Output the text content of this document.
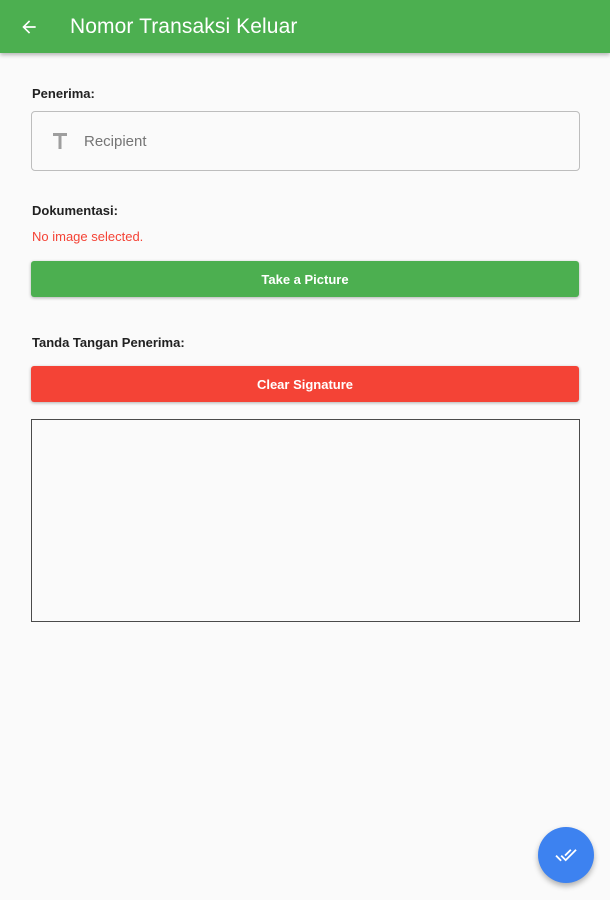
Nomor Transaksi Keluar
Penerima:
Recipient
Dokumentasi:
No image selected.
Take a Picture
Tanda Tangan Penerima:
Clear Signature
